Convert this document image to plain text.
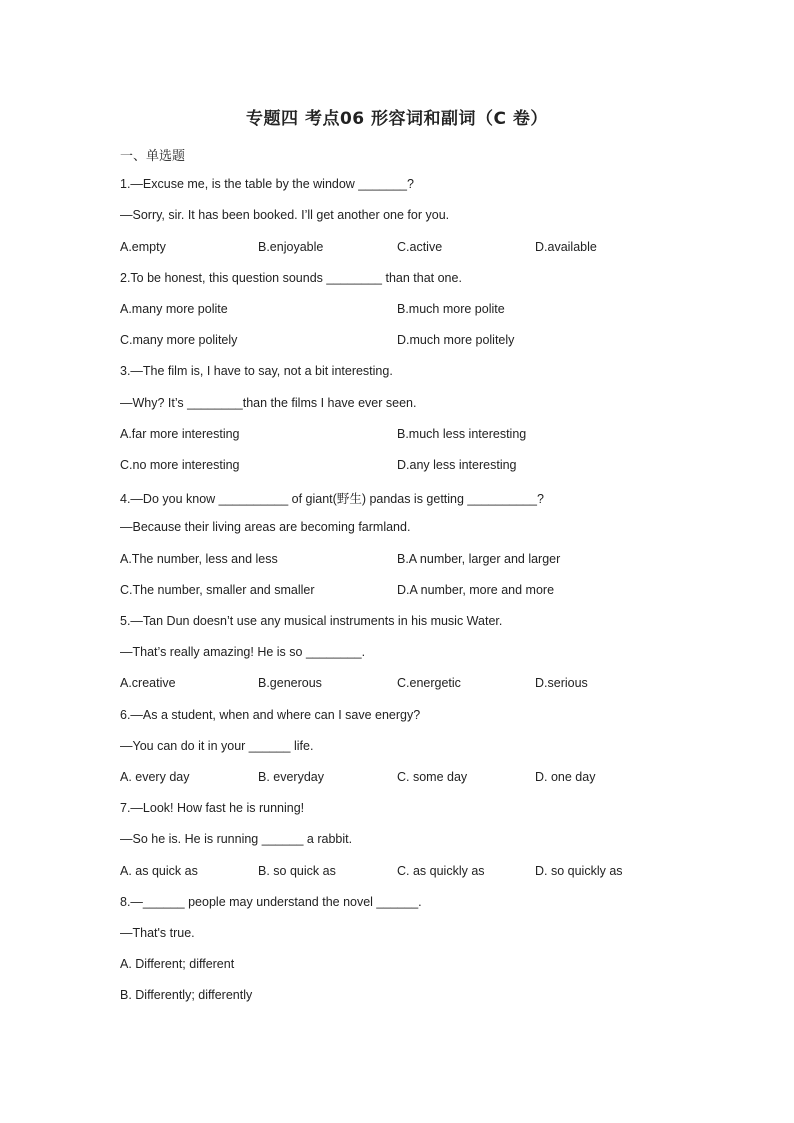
专题四 考点06 形容词和副词（C 卷）
一、单选题
1.—Excuse me, is the table by the window _______?
—Sorry, sir. It has been booked. I’ll get another one for you.
A.empty	B.enjoyable	C.active	D.available
2.To be honest, this question sounds ________ than that one.
A.many more polite	B.much more polite
C.many more politely	D.much more politely
3.—The film is, I have to say, not a bit interesting.
—Why? It’s ________than the films I have ever seen.
A.far more interesting	B.much less interesting
C.no more interesting	D.any less interesting
4.—Do you know __________ of giant(野生) pandas is getting __________?
—Because their living areas are becoming farmland.
A.The number, less and less	B.A number, larger and larger
C.The number, smaller and smaller	D.A number, more and more
5.—Tan Dun doesn’t use any musical instruments in his music Water.
—That’s really amazing! He is so ________.
A.creative	B.generous	C.energetic	D.serious
6.—As a student, when and where can I save energy?
—You can do it in your ______ life.
A. every day	B. everyday	C. some day	D. one day
7.—Look! How fast he is running!
—So he is. He is running ______ a rabbit.
A. as quick as	B. so quick as	C. as quickly as	D. so quickly as
8.—______ people may understand the novel ______.
—That's true.
A. Different; different
B. Differently; differently
